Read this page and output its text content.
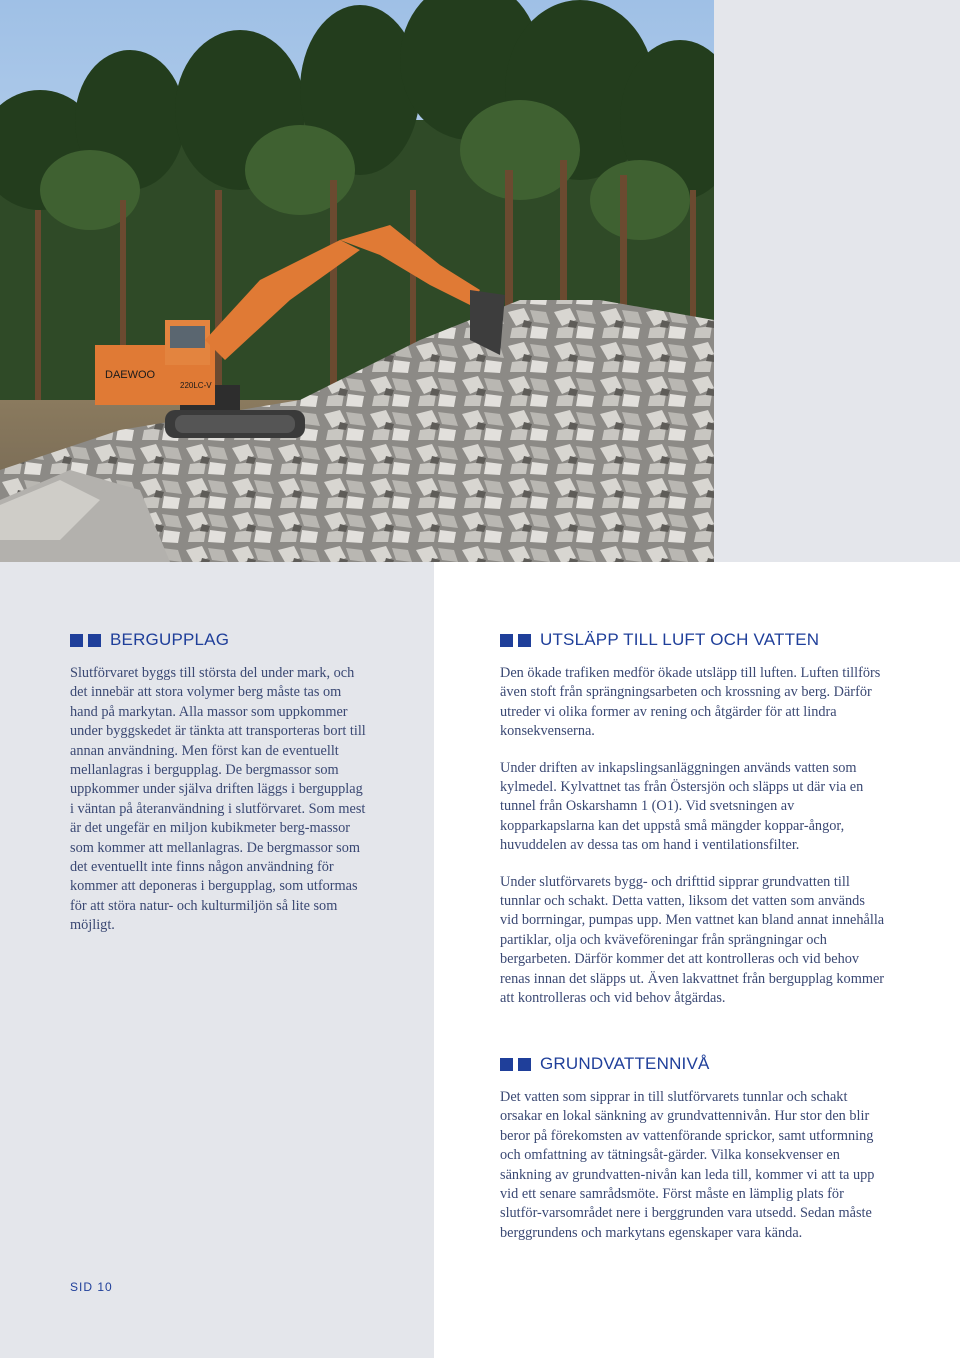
DAEWOO
220LC-V
BERGUPPLAG

Slutförvaret byggs till största del under mark, och det innebär att stora volymer berg måste tas om hand på markytan. Alla massor som uppkommer under byggskedet är tänkta att transporteras bort till annan användning. Men först kan de eventuellt mellanlagras i bergupplag. De bergmassor som uppkommer under själva driften läggs i bergupplag i väntan på återanvändning i slutförvaret. Som mest är det ungefär en miljon kubikmeter berg-massor som kommer att mellanlagras. De bergmassor som det eventuellt inte finns någon användning för kommer att deponeras i bergupplag, som utformas för att störa natur- och kulturmiljön så lite som möjligt.

UTSLÄPP TILL LUFT OCH VATTEN

Den ökade trafiken medför ökade utsläpp till luften. Luften tillförs även stoft från sprängningsarbeten och krossning av berg. Därför utreder vi olika former av rening och åtgärder för att lindra konsekvenserna.

Under driften av inkapslingsanläggningen används vatten som kylmedel. Kylvattnet tas från Östersjön och släpps ut där via en tunnel från Oskarshamn 1 (O1). Vid svetsningen av kopparkapslarna kan det uppstå små mängder koppar-ångor, huvuddelen av dessa tas om hand i ventilationsfilter.

Under slutförvarets bygg- och drifttid sipprar grundvatten till tunnlar och schakt. Detta vatten, liksom det vatten som används vid borrningar, pumpas upp. Men vattnet kan bland annat innehålla partiklar, olja och kväveföreningar från sprängningar och bergarbeten. Därför kommer det att kontrolleras och vid behov renas innan det släpps ut. Även lakvattnet från bergupplag kommer att kontrolleras och vid behov åtgärdas.

GRUNDVATTENNIVÅ

Det vatten som sipprar in till slutförvarets tunnlar och schakt orsakar en lokal sänkning av grundvattennivån. Hur stor den blir beror på förekomsten av vattenförande sprickor, samt utformning och omfattning av tätningsåt-gärder. Vilka konsekvenser en sänkning av grundvatten-nivån kan leda till, kommer vi att ta upp vid ett senare samrådsmöte. Först måste en lämplig plats för slutför-varsområdet nere i berggrunden vara utsedd. Sedan måste berggrundens och markytans egenskaper vara kända.

SID 10
